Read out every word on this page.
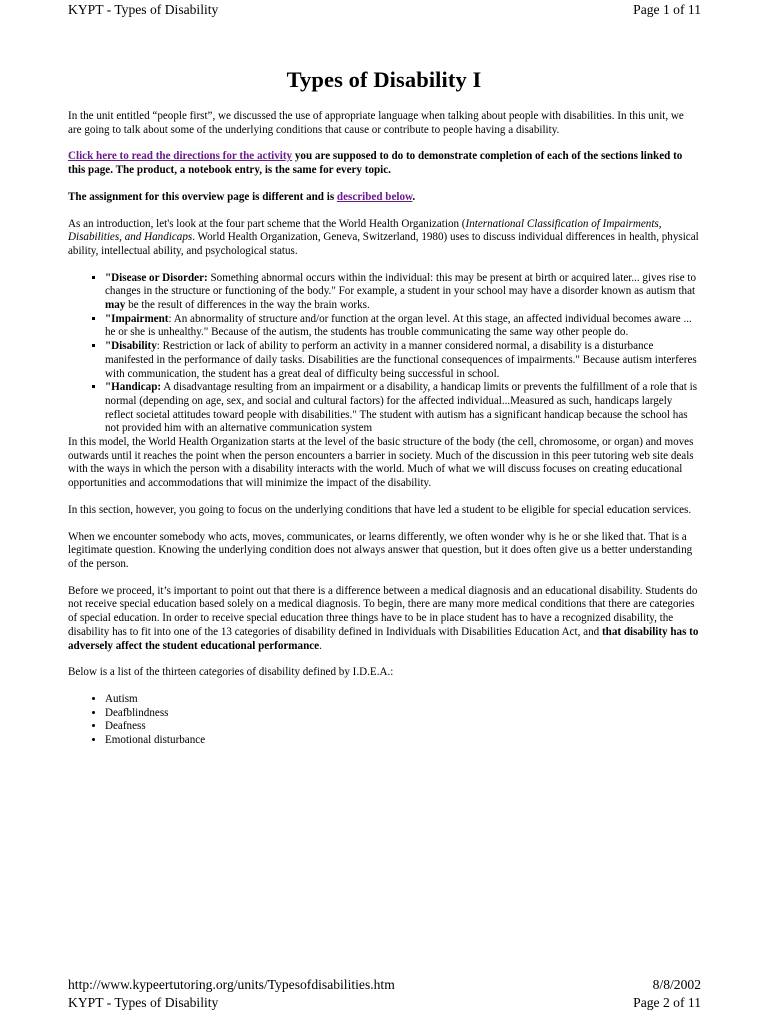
KYPT - Types of Disability	Page 1 of 11
Types of Disability I

In the unit entitled “people first”, we discussed the use of appropriate language when talking about people with disabilities. In this unit, we are going to talk about some of the underlying conditions that cause or contribute to people having a disability.

Click here to read the directions for the activity you are supposed to do to demonstrate completion of each of the sections linked to this page. The product, a notebook entry, is the same for every topic.

The assignment for this overview page is different and is described below.

As an introduction, let's look at the four part scheme that the World Health Organization (International Classification of Impairments, Disabilities, and Handicaps. World Health Organization, Geneva, Switzerland, 1980) uses to discuss individual differences in health, physical ability, intellectual ability, and psychological status.

▪ "Disease or Disorder: Something abnormal occurs within the individual: this may be present at birth or acquired later... gives rise to changes in the structure or functioning of the body." For example, a student in your school may have a disorder known as autism that may be the result of differences in the way the brain works.
▪ "Impairment: An abnormality of structure and/or function at the organ level. At this stage, an affected individual becomes aware ... he or she is unhealthy." Because of the autism, the students has trouble communicating the same way other people do.
▪ "Disability: Restriction or lack of ability to perform an activity in a manner considered normal, a disability is a disturbance manifested in the performance of daily tasks. Disabilities are the functional consequences of impairments." Because autism interferes with communication, the student has a great deal of difficulty being successful in school.
▪ "Handicap: A disadvantage resulting from an impairment or a disability, a handicap limits or prevents the fulfillment of a role that is normal (depending on age, sex, and social and cultural factors) for the affected individual...Measured as such, handicaps largely reflect societal attitudes toward people with disabilities." The student with autism has a significant handicap because the school has not provided him with an alternative communication system

In this model, the World Health Organization starts at the level of the basic structure of the body (the cell, chromosome, or organ) and moves outwards until it reaches the point when the person encounters a barrier in society. Much of the discussion in this peer tutoring web site deals with the ways in which the person with a disability interacts with the world. Much of what we will discuss focuses on creating educational opportunities and accommodations that will minimize the impact of the disability.

In this section, however, you going to focus on the underlying conditions that have led a student to be eligible for special education services.

When we encounter somebody who acts, moves, communicates, or learns differently, we often wonder why is he or she liked that. That is a legitimate question. Knowing the underlying condition does not always answer that question, but it does often give us a better understanding of the person.

Before we proceed, it’s important to point out that there is a difference between a medical diagnosis and an educational disability. Students do not receive special education based solely on a medical diagnosis. To begin, there are many more medical conditions that there are categories of special education. In order to receive special education three things have to be in place student has to have a recognized disability, the disability has to fit into one of the 13 categories of disability defined in Individuals with Disabilities Education Act, and that disability has to adversely affect the student educational performance.

Below is a list of the thirteen categories of disability defined by I.D.E.A.:

• Autism
• Deafblindness
• Deafness
• Emotional disturbance
http://www.kypeertutoring.org/units/Typesofdisabilities.htm	8/8/2002
KYPT - Types of Disability	Page 2 of 11
